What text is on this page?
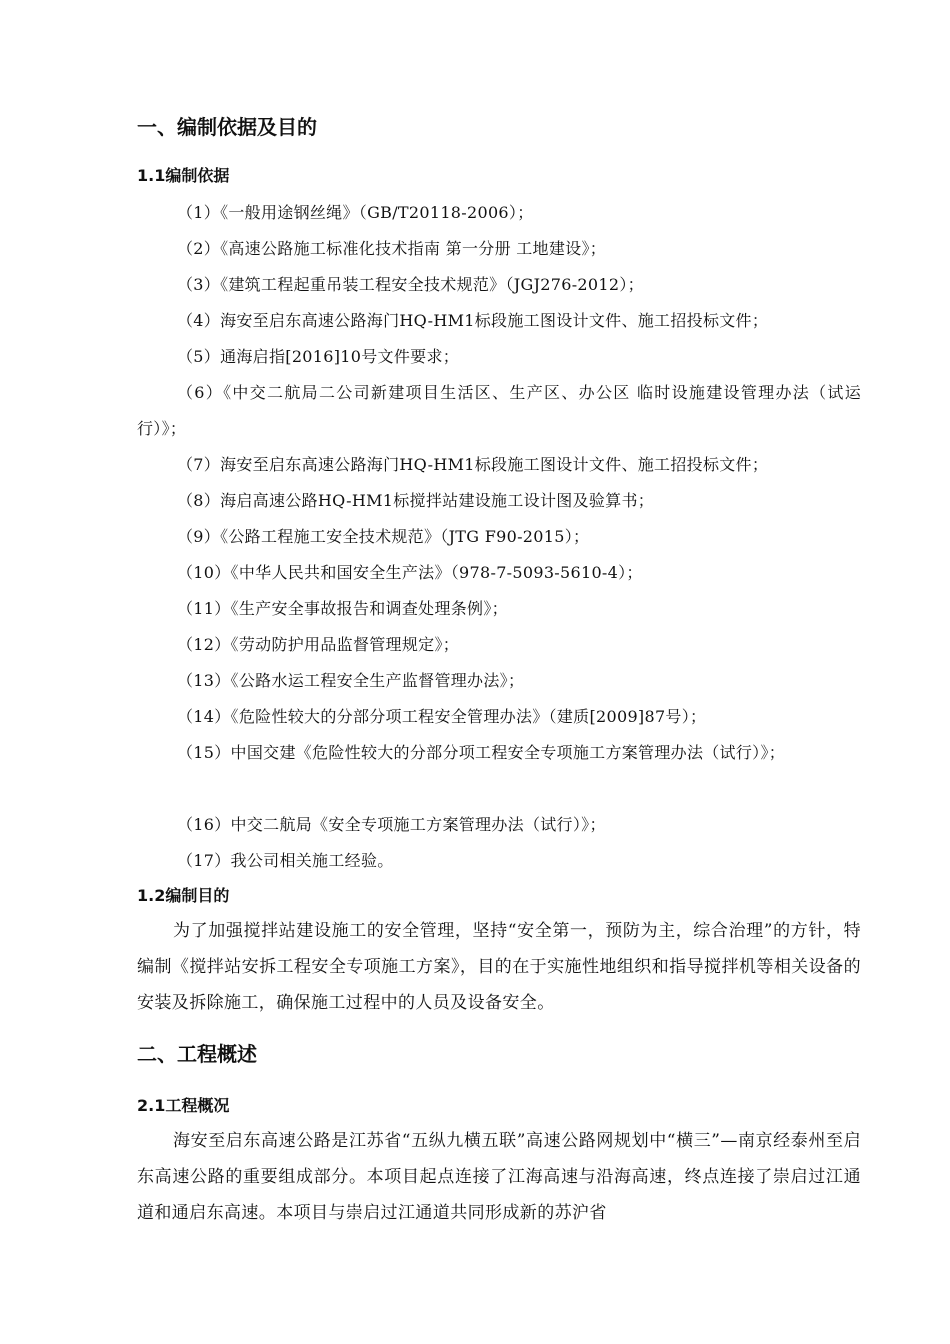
一、编制依据及目的
1.1编制依据

（1）《一般用途钢丝绳》（GB/T20118-2006）；

（2）《高速公路施工标准化技术指南 第一分册 工地建设》；

（3）《建筑工程起重吊装工程安全技术规范》（JGJ276-2012）；

（4）海安至启东高速公路海门HQ-HM1标段施工图设计文件、施工招投标文件；

（5）通海启指[2016]10号文件要求；

（6）《中交二航局二公司新建项目生活区、生产区、办公区 临时设施建设管理办法（试运行）》；

（7）海安至启东高速公路海门HQ-HM1标段施工图设计文件、施工招投标文件；

（8）海启高速公路HQ-HM1标搅拌站建设施工设计图及验算书；

（9）《公路工程施工安全技术规范》（JTG F90-2015）；

（10）《中华人民共和国安全生产法》（978-7-5093-5610-4）；

（11）《生产安全事故报告和调查处理条例》；

（12）《劳动防护用品监督管理规定》；

（13）《公路水运工程安全生产监督管理办法》；

（14）《危险性较大的分部分项工程安全管理办法》（建质[2009]87号）；

（15）中国交建《危险性较大的分部分项工程安全专项施工方案管理办法（试行）》；

（16）中交二航局《安全专项施工方案管理办法（试行）》；

（17）我公司相关施工经验。

1.2编制目的

为了加强搅拌站建设施工的安全管理，坚持“安全第一，预防为主，综合治理”的方针，特编制《搅拌站安拆工程安全专项施工方案》，目的在于实施性地组织和指导搅拌机等相关设备的安装及拆除施工，确保施工过程中的人员及设备安全。

二、工程概述
2.1工程概况

海安至启东高速公路是江苏省“五纵九横五联”高速公路网规划中“横三”—南京经泰州至启东高速公路的重要组成部分。本项目起点连接了江海高速与沿海高速，终点连接了崇启过江通道和通启东高速。本项目与崇启过江通道共同形成新的苏沪省
